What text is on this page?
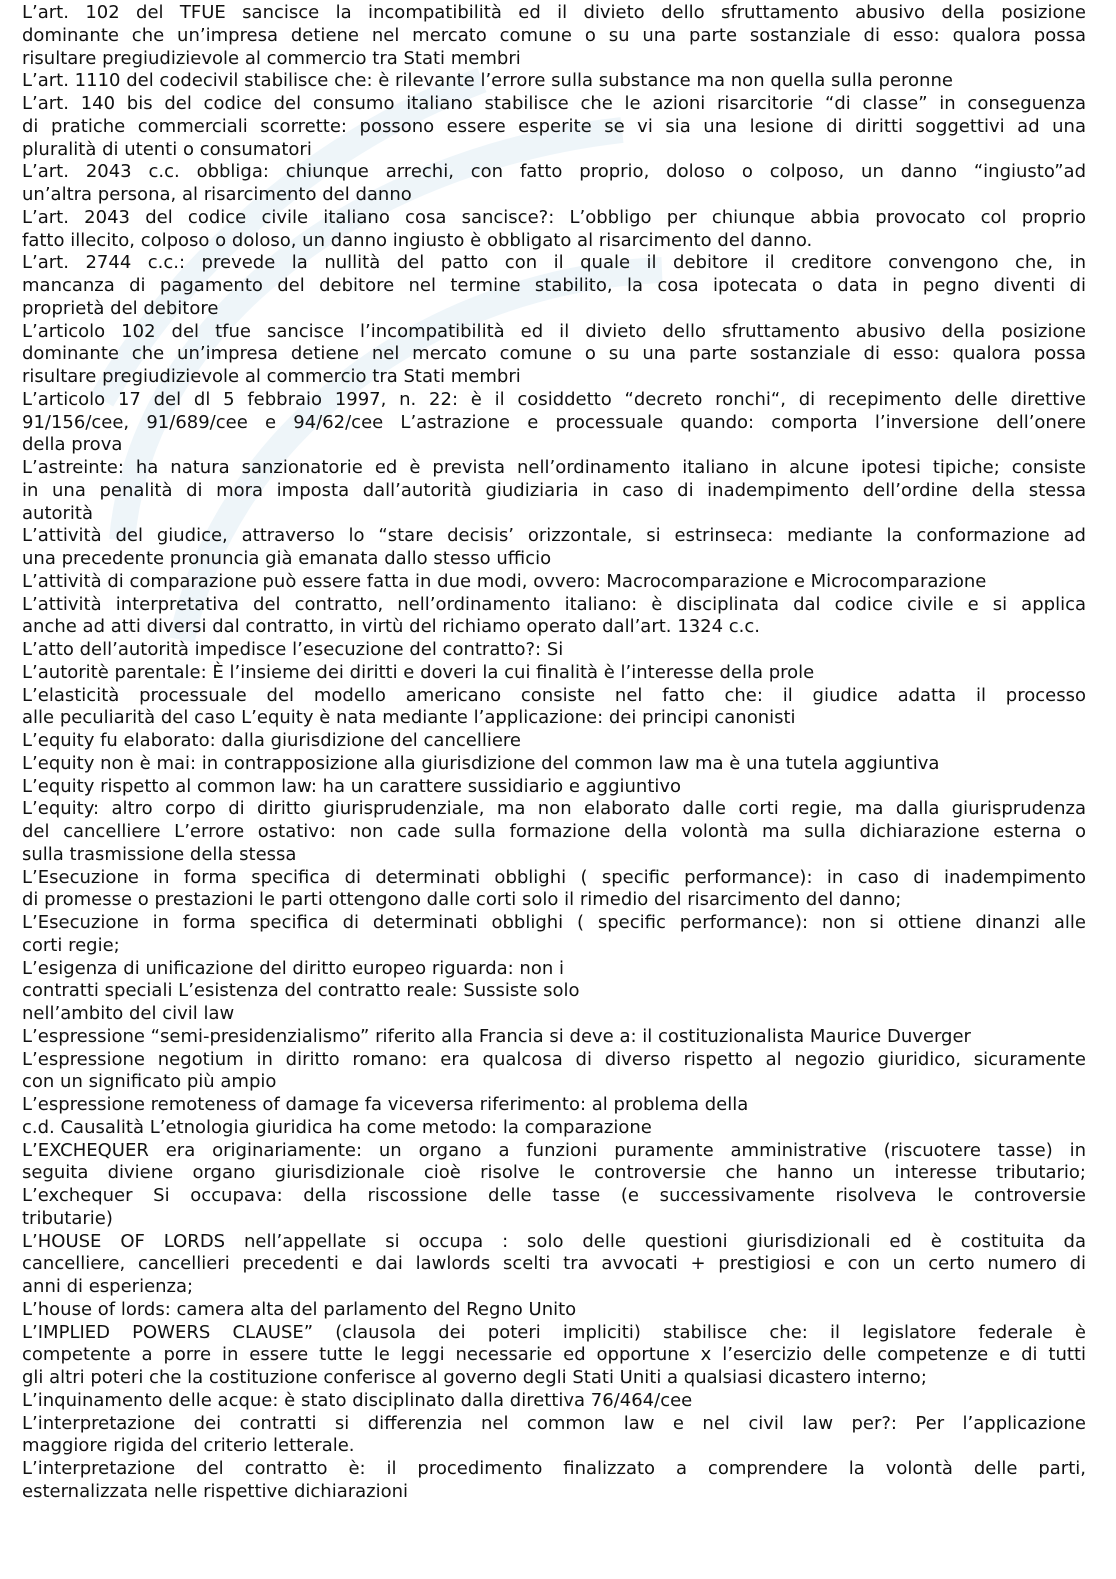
L’art. 102 del TFUE sancisce la incompatibilità ed il divieto dello sfruttamento abusivo della posizione
dominante che un’impresa detiene nel mercato comune o su una parte sostanziale di esso: qualora possa
risultare pregiudizievole al commercio tra Stati membri
L’art. 1110 del codecivil stabilisce che: è rilevante l’errore sulla substance ma non quella sulla peronne
L’art. 140 bis del codice del consumo italiano stabilisce che le azioni risarcitorie “di classe” in conseguenza
di pratiche commerciali scorrette: possono essere esperite se vi sia una lesione di diritti soggettivi ad una
pluralità di utenti o consumatori
L’art. 2043 c.c. obbliga: chiunque arrechi, con fatto proprio, doloso o colposo, un danno “ingiusto”ad
un’altra persona, al risarcimento del danno
L’art. 2043 del codice civile italiano cosa sancisce?: L’obbligo per chiunque abbia provocato col proprio
fatto illecito, colposo o doloso, un danno ingiusto è obbligato al risarcimento del danno.
L’art. 2744 c.c.: prevede la nullità del patto con il quale il debitore il creditore convengono che, in
mancanza di pagamento del debitore nel termine stabilito, la cosa ipotecata o data in pegno diventi di
proprietà del debitore
L’articolo 102 del tfue sancisce l’incompatibilità ed il divieto dello sfruttamento abusivo della posizione
dominante che un’impresa detiene nel mercato comune o su una parte sostanziale di esso: qualora possa
risultare pregiudizievole al commercio tra Stati membri
L’articolo 17 del dl 5 febbraio 1997, n. 22: è il cosiddetto “decreto ronchi“, di recepimento delle direttive
91/156/cee, 91/689/cee e 94/62/cee L’astrazione e processuale quando: comporta l’inversione dell’onere
della prova
L’astreinte: ha natura sanzionatorie ed è prevista nell’ordinamento italiano in alcune ipotesi tipiche; consiste
in una penalità di mora imposta dall’autorità giudiziaria in caso di inadempimento dell’ordine della stessa
autorità
L’attività del giudice, attraverso lo “stare decisis’ orizzontale, si estrinseca: mediante la conformazione ad
una precedente pronuncia già emanata dallo stesso ufficio
L’attività di comparazione può essere fatta in due modi, ovvero: Macrocomparazione e Microcomparazione
L’attività interpretativa del contratto, nell’ordinamento italiano: è disciplinata dal codice civile e si applica
anche ad atti diversi dal contratto, in virtù del richiamo operato dall’art. 1324 c.c.
L’atto dell’autorità impedisce l’esecuzione del contratto?: Si
L’autoritè parentale: È l’insieme dei diritti e doveri la cui finalità è l’interesse della prole
L’elasticità processuale del modello americano consiste nel fatto che: il giudice adatta il processo
alle peculiarità del caso L’equity è nata mediante l’applicazione: dei principi canonisti
L’equity fu elaborato: dalla giurisdizione del cancelliere
L’equity non è mai: in contrapposizione alla giurisdizione del common law ma è una tutela aggiuntiva
L’equity rispetto al common law: ha un carattere sussidiario e aggiuntivo
L’equity: altro corpo di diritto giurisprudenziale, ma non elaborato dalle corti regie, ma dalla giurisprudenza
del cancelliere L’errore ostativo: non cade sulla formazione della volontà ma sulla dichiarazione esterna o
sulla trasmissione della stessa
L’Esecuzione in forma specifica di determinati obblighi ( specific performance): in caso di inadempimento
di promesse o prestazioni le parti ottengono dalle corti solo il rimedio del risarcimento del danno;
L’Esecuzione in forma specifica di determinati obblighi ( specific performance): non si ottiene dinanzi alle
corti regie;
L’esigenza di unificazione del diritto europeo riguarda: non i
contratti speciali L’esistenza del contratto reale: Sussiste solo
nell’ambito del civil law
L’espressione “semi-presidenzialismo” riferito alla Francia si deve a: il costituzionalista Maurice Duverger
L’espressione negotium in diritto romano: era qualcosa di diverso rispetto al negozio giuridico, sicuramente
con un significato più ampio
L’espressione remoteness of damage fa viceversa riferimento: al problema della
c.d. Causalità L’etnologia giuridica ha come metodo: la comparazione
L’EXCHEQUER era originariamente: un organo a funzioni puramente amministrative (riscuotere tasse) in
seguita diviene organo giurisdizionale cioè risolve le controversie che hanno un interesse tributario;
L’exchequer Si occupava: della riscossione delle tasse (e successivamente risolveva le controversie
tributarie)
L’HOUSE OF LORDS nell’appellate si occupa : solo delle questioni giurisdizionali ed è costituita da
cancelliere, cancellieri precedenti e dai lawlords scelti tra avvocati + prestigiosi e con un certo numero di
anni di esperienza;
L’house of lords: camera alta del parlamento del Regno Unito
L’IMPLIED POWERS CLAUSE” (clausola dei poteri impliciti) stabilisce che: il legislatore federale è
competente a porre in essere tutte le leggi necessarie ed opportune x l’esercizio delle competenze e di tutti
gli altri poteri che la costituzione conferisce al governo degli Stati Uniti a qualsiasi dicastero interno;
L’inquinamento delle acque: è stato disciplinato dalla direttiva 76/464/cee
L’interpretazione dei contratti si differenzia nel common law e nel civil law per?: Per l’applicazione
maggiore rigida del criterio letterale.
L’interpretazione del contratto è: il procedimento finalizzato a comprendere la volontà delle parti,
esternalizzata nelle rispettive dichiarazioni
